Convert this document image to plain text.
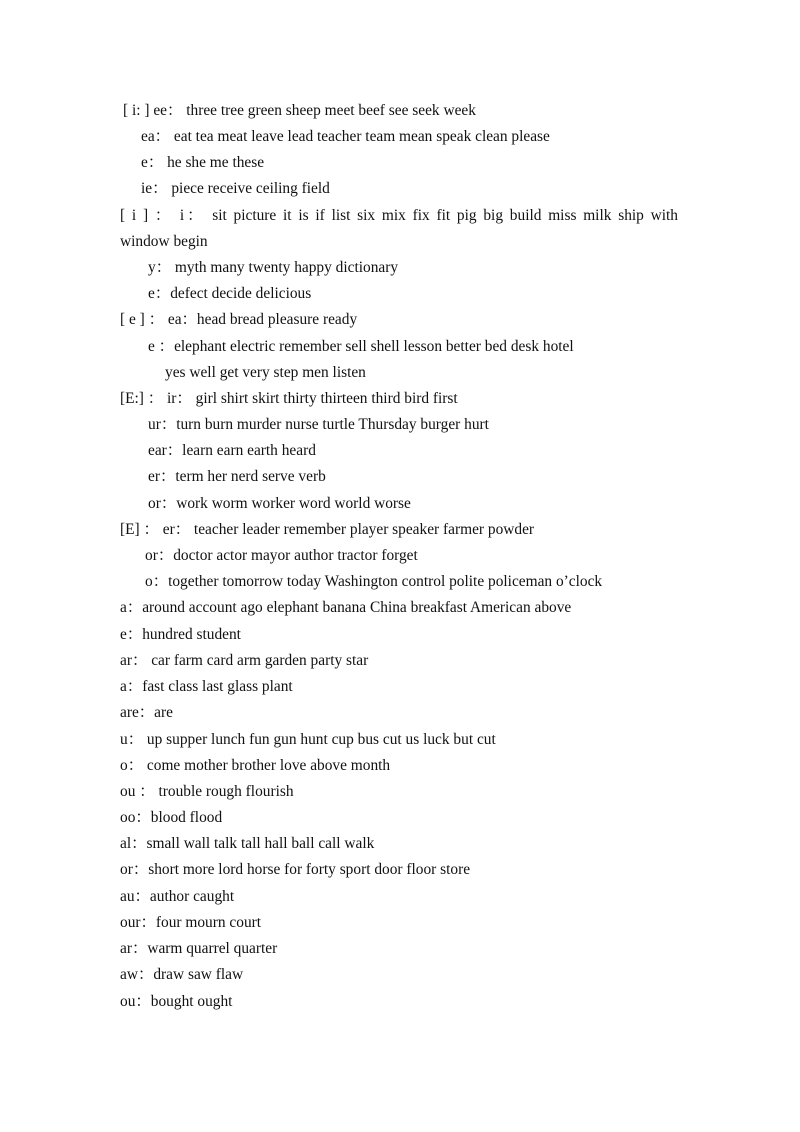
[ i: ] ee： three tree green sheep meet beef see seek week
ea： eat tea meat leave lead teacher team mean speak clean please
e： he she me these
ie： piece receive ceiling field
[ i ] ： i： sit picture it is if list six mix fix fit pig big build miss milk ship with
window begin
y： myth many twenty happy dictionary
e：defect decide delicious
[ e ] ： ea：head bread pleasure ready
e ：elephant electric remember sell shell lesson better bed desk hotel
yes well get very step men listen
[E:] ： ir： girl shirt skirt thirty thirteen third bird first
ur：turn burn murder nurse turtle Thursday burger hurt
ear：learn earn earth heard
er：term her nerd serve verb
or：work worm worker word world worse
[E] ： er： teacher leader remember player speaker farmer powder
or：doctor actor mayor author tractor forget
o：together tomorrow today Washington control polite policeman o’clock
a：around account ago elephant banana China breakfast American above
e：hundred student
ar： car farm card arm garden party star
a：fast class last glass plant
are：are
u： up supper lunch fun gun hunt cup bus cut us luck but cut
o： come mother brother love above month
ou ： trouble rough flourish
oo：blood flood
al：small wall talk tall hall ball call walk
or：short more lord horse for forty sport door floor store
au：author caught
our：four mourn court
ar：warm quarrel quarter
aw：draw saw flaw
ou：bought ought
